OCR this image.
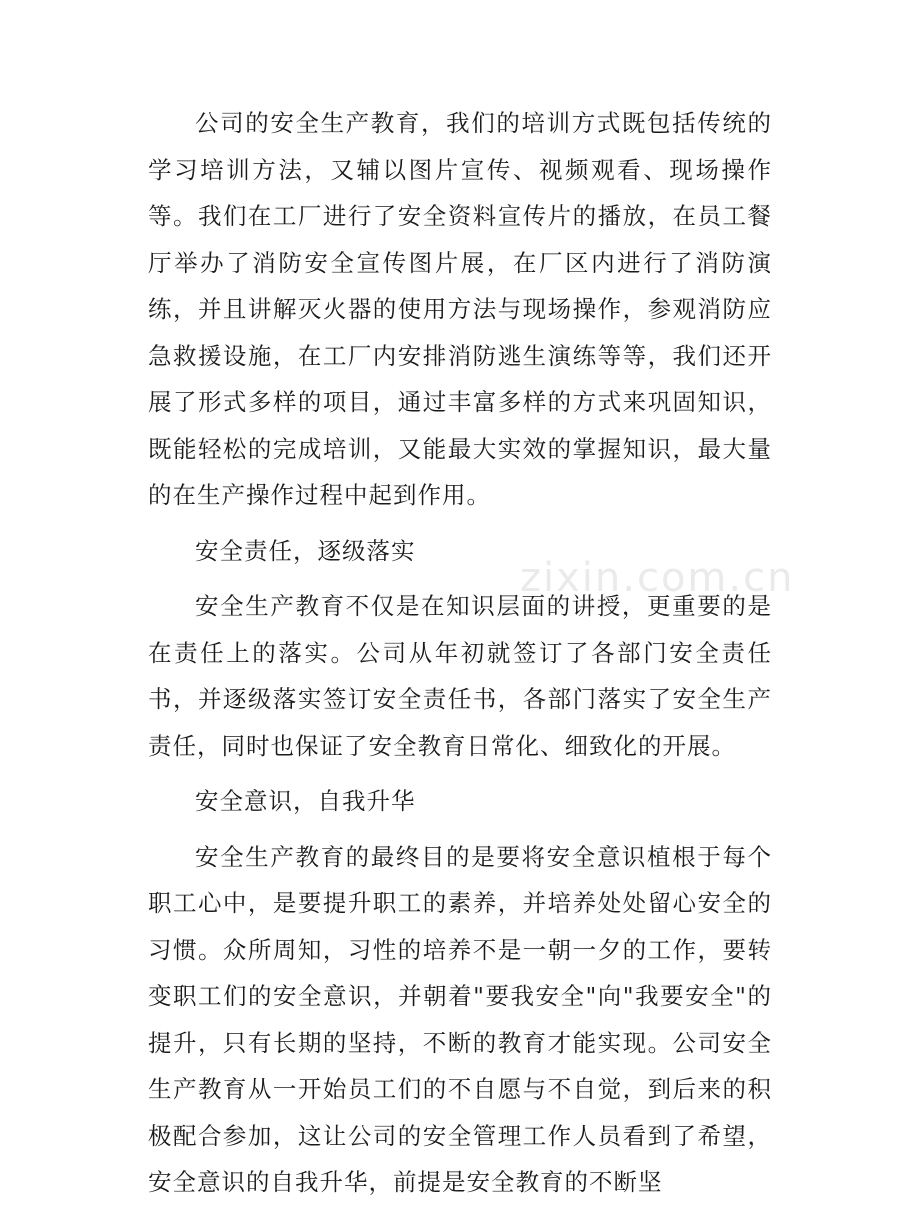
公司的安全生产教育，我们的培训方式既包括传统的学习培训方法，又辅以图片宣传、视频观看、现场操作等。我们在工厂进行了安全资料宣传片的播放，在员工餐厅举办了消防安全宣传图片展，在厂区内进行了消防演练，并且讲解灭火器的使用方法与现场操作，参观消防应急救援设施，在工厂内安排消防逃生演练等等，我们还开展了形式多样的项目，通过丰富多样的方式来巩固知识，既能轻松的完成培训，又能最大实效的掌握知识，最大量的在生产操作过程中起到作用。

安全责任，逐级落实

安全生产教育不仅是在知识层面的讲授，更重要的是在责任上的落实。公司从年初就签订了各部门安全责任书，并逐级落实签订安全责任书，各部门落实了安全生产责任，同时也保证了安全教育日常化、细致化的开展。

安全意识，自我升华

安全生产教育的最终目的是要将安全意识植根于每个职工心中，是要提升职工的素养，并培养处处留心安全的习惯。众所周知，习性的培养不是一朝一夕的工作，要转变职工们的安全意识，并朝着"要我安全"向"我要安全"的提升，只有长期的坚持，不断的教育才能实现。公司安全生产教育从一开始员工们的不自愿与不自觉，到后来的积极配合参加，这让公司的安全管理工作人员看到了希望，安全意识的自我升华，前提是安全教育的不断坚

zixin.com.cn
